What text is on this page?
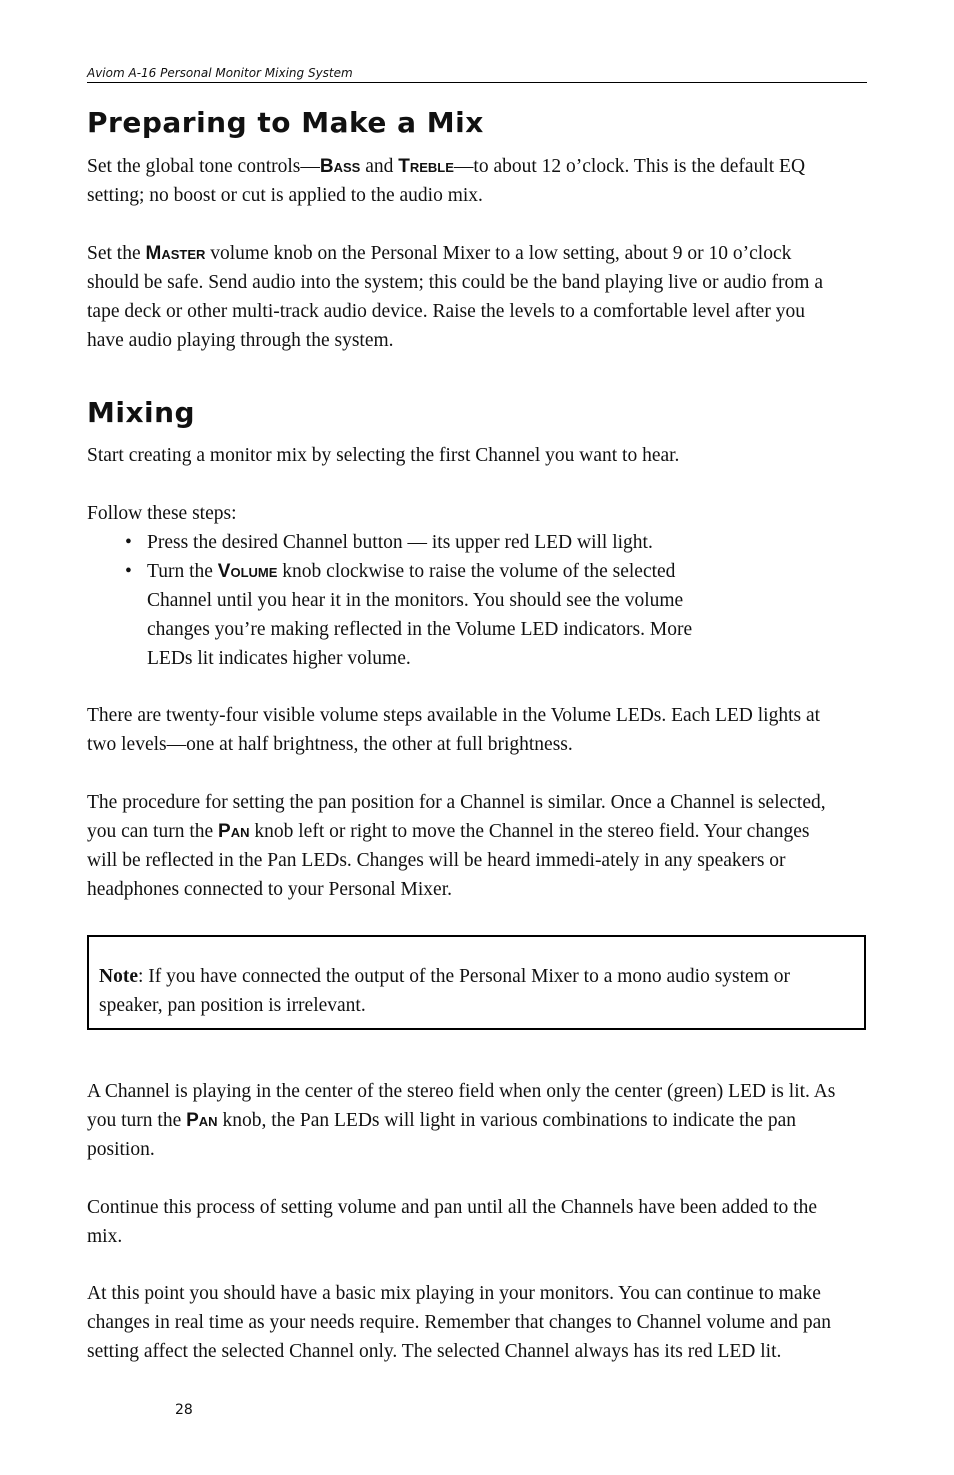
Aviom A-16 Personal Monitor Mixing System
Preparing to Make a Mix

Set the global tone controls—Bass and Treble—to about 12 o’clock. This is the default EQ setting; no boost or cut is applied to the audio mix.

Set the Master volume knob on the Personal Mixer to a low setting, about 9 or 10 o’clock should be safe. Send audio into the system; this could be the band playing live or audio from a tape deck or other multi-track audio device. Raise the levels to a comfortable level after you have audio playing through the system.

Mixing

Start creating a monitor mix by selecting the first Channel you want to hear.

Follow these steps:

• Press the desired Channel button — its upper red LED will light.
• Turn the Volume knob clockwise to raise the volume of the selected Channel until you hear it in the monitors. You should see the volume changes you’re making reflected in the Volume LED indicators. More LEDs lit indicates higher volume.

There are twenty-four visible volume steps available in the Volume LEDs. Each LED lights at two levels—one at half brightness, the other at full brightness.

The procedure for setting the pan position for a Channel is similar. Once a Channel is selected, you can turn the Pan knob left or right to move the Channel in the stereo field. Your changes will be reflected in the Pan LEDs. Changes will be heard immedi-ately in any speakers or headphones connected to your Personal Mixer.

Note: If you have connected the output of the Personal Mixer to a mono audio system or speaker, pan position is irrelevant.

A Channel is playing in the center of the stereo field when only the center (green) LED is lit. As you turn the Pan knob, the Pan LEDs will light in various combinations to indicate the pan position.

Continue this process of setting volume and pan until all the Channels have been added to the mix.

At this point you should have a basic mix playing in your monitors. You can continue to make changes in real time as your needs require. Remember that changes to Channel volume and pan setting affect the selected Channel only. The selected Channel always has its red LED lit.

28
